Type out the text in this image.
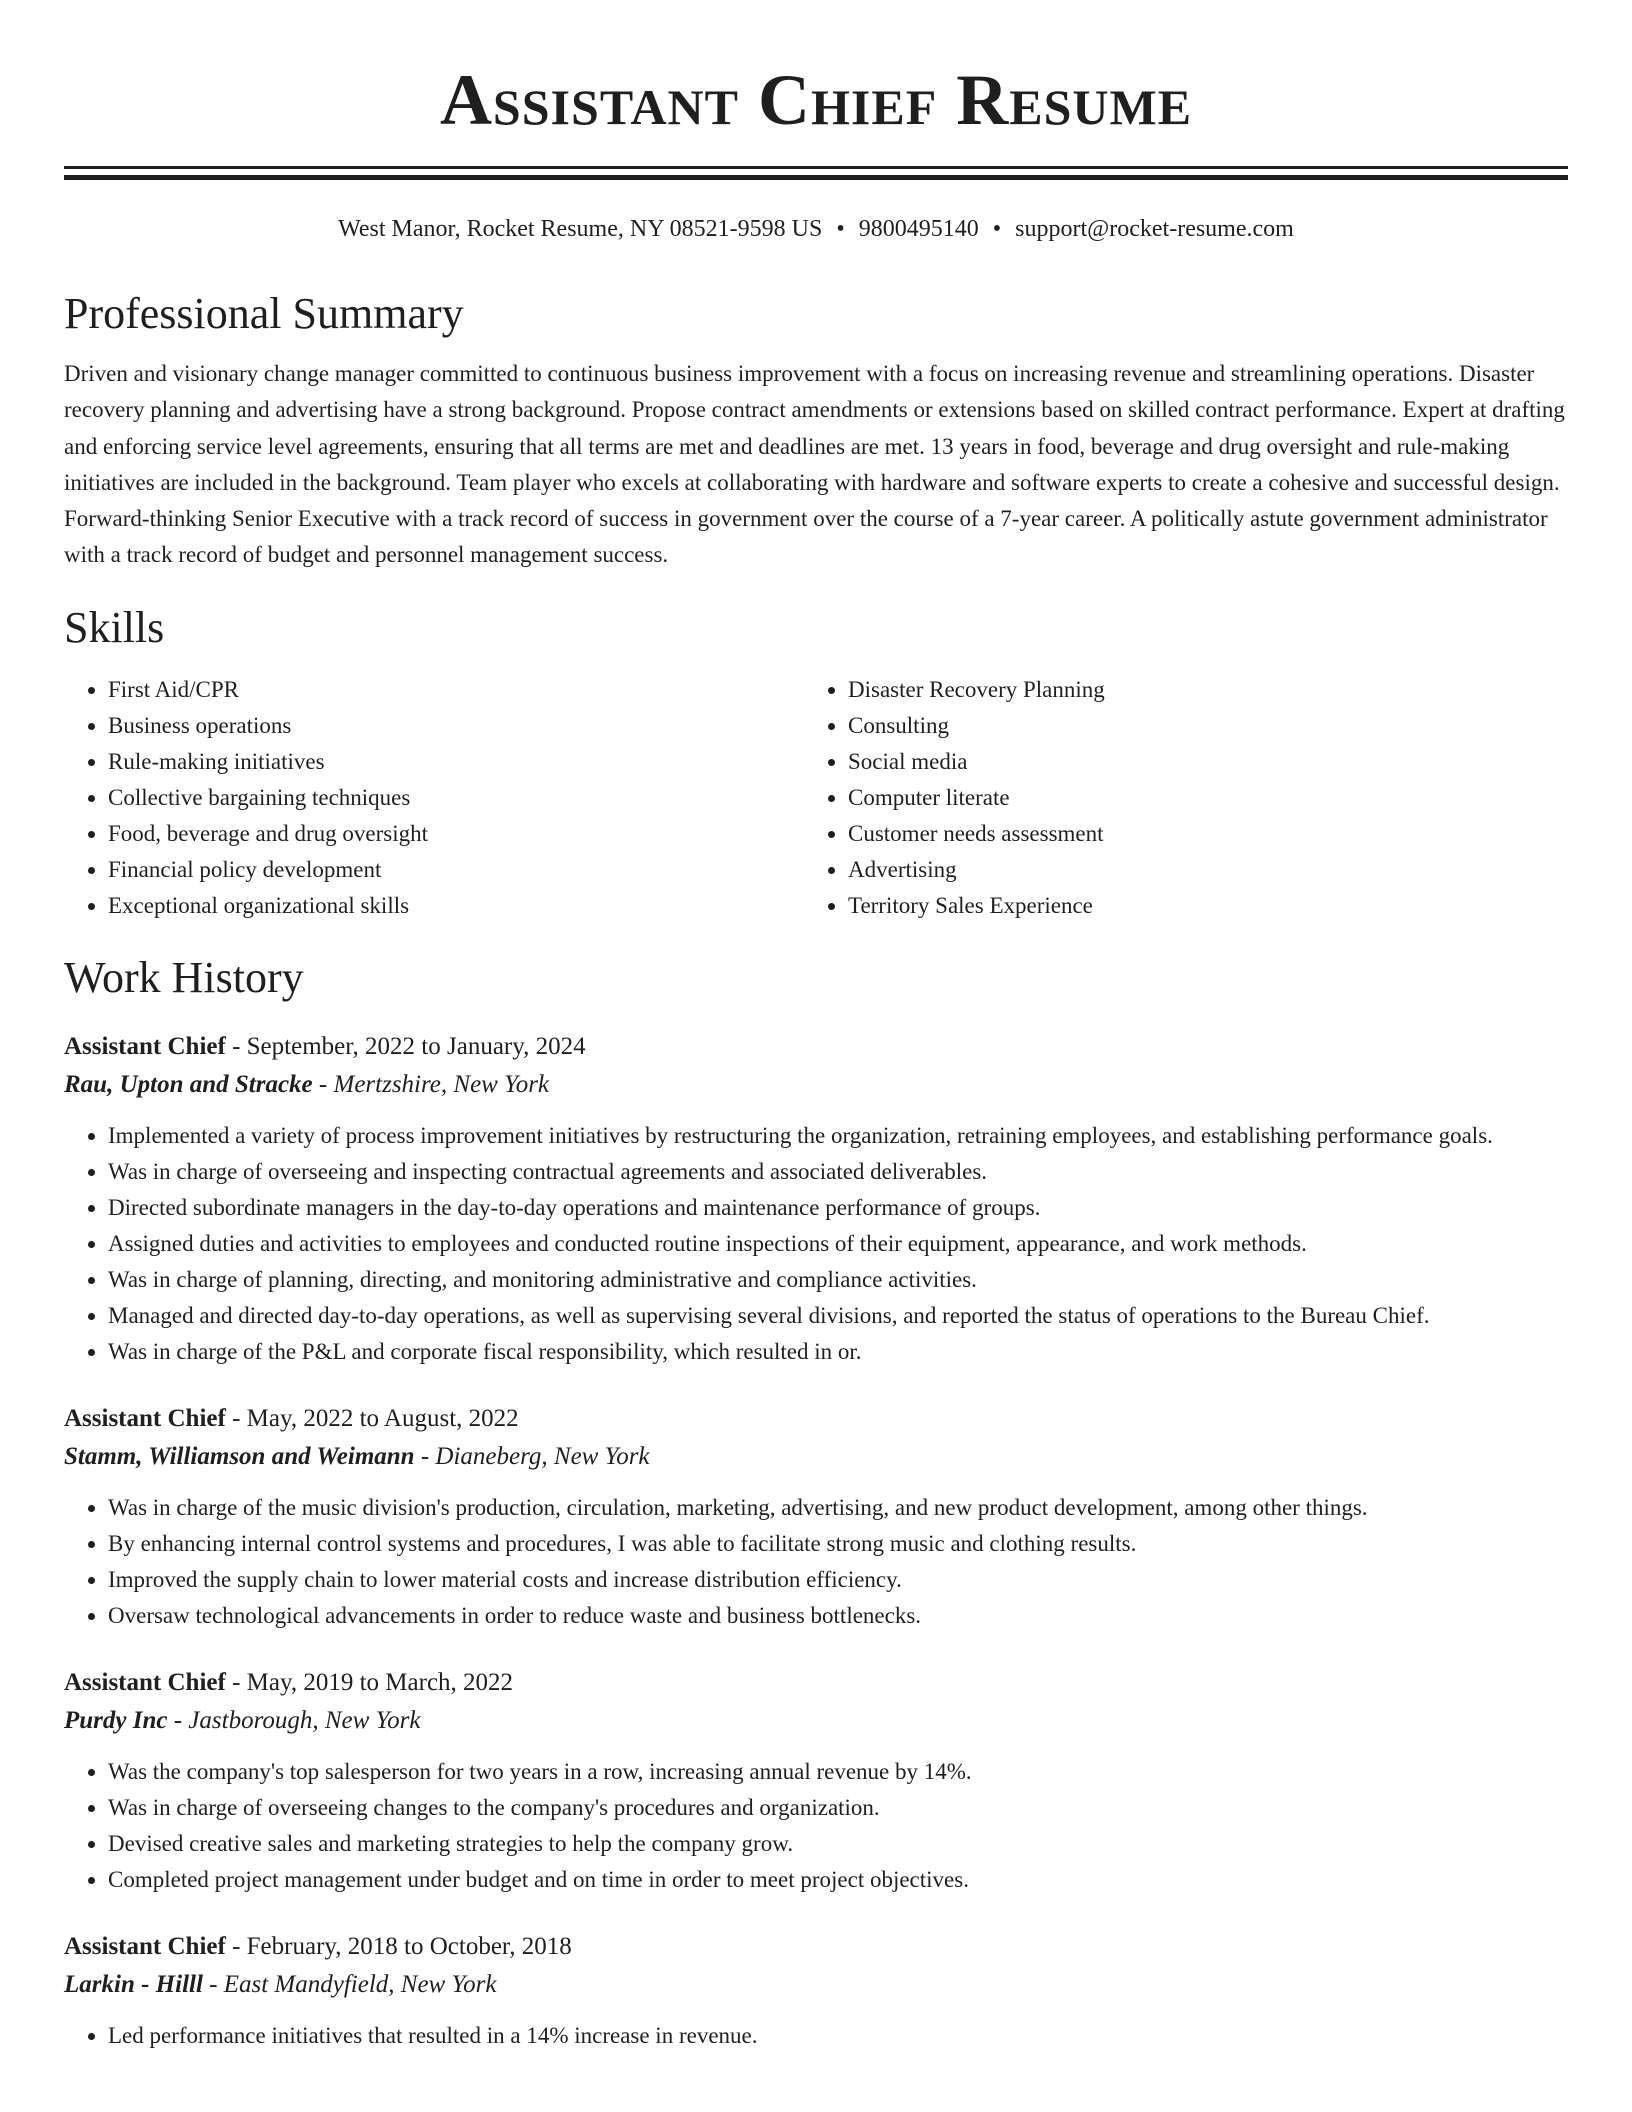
Assistant Chief Resume
West Manor, Rocket Resume, NY 08521-9598 US • 9800495140 • support@rocket-resume.com
Professional Summary
Driven and visionary change manager committed to continuous business improvement with a focus on increasing revenue and streamlining operations. Disaster recovery planning and advertising have a strong background. Propose contract amendments or extensions based on skilled contract performance. Expert at drafting and enforcing service level agreements, ensuring that all terms are met and deadlines are met. 13 years in food, beverage and drug oversight and rule-making initiatives are included in the background. Team player who excels at collaborating with hardware and software experts to create a cohesive and successful design. Forward-thinking Senior Executive with a track record of success in government over the course of a 7-year career. A politically astute government administrator with a track record of budget and personnel management success.
Skills
• First Aid/CPR
• Business operations
• Rule-making initiatives
• Collective bargaining techniques
• Food, beverage and drug oversight
• Financial policy development
• Exceptional organizational skills
• Disaster Recovery Planning
• Consulting
• Social media
• Computer literate
• Customer needs assessment
• Advertising
• Territory Sales Experience
Work History
Assistant Chief - September, 2022 to January, 2024
Rau, Upton and Stracke - Mertzshire, New York
• Implemented a variety of process improvement initiatives by restructuring the organization, retraining employees, and establishing performance goals.
• Was in charge of overseeing and inspecting contractual agreements and associated deliverables.
• Directed subordinate managers in the day-to-day operations and maintenance performance of groups.
• Assigned duties and activities to employees and conducted routine inspections of their equipment, appearance, and work methods.
• Was in charge of planning, directing, and monitoring administrative and compliance activities.
• Managed and directed day-to-day operations, as well as supervising several divisions, and reported the status of operations to the Bureau Chief.
• Was in charge of the P&L and corporate fiscal responsibility, which resulted in or.
Assistant Chief - May, 2022 to August, 2022
Stamm, Williamson and Weimann - Dianeberg, New York
• Was in charge of the music division's production, circulation, marketing, advertising, and new product development, among other things.
• By enhancing internal control systems and procedures, I was able to facilitate strong music and clothing results.
• Improved the supply chain to lower material costs and increase distribution efficiency.
• Oversaw technological advancements in order to reduce waste and business bottlenecks.
Assistant Chief - May, 2019 to March, 2022
Purdy Inc - Jastborough, New York
• Was the company's top salesperson for two years in a row, increasing annual revenue by 14%.
• Was in charge of overseeing changes to the company's procedures and organization.
• Devised creative sales and marketing strategies to help the company grow.
• Completed project management under budget and on time in order to meet project objectives.
Assistant Chief - February, 2018 to October, 2018
Larkin - Hilll - East Mandyfield, New York
• Led performance initiatives that resulted in a 14% increase in revenue.
